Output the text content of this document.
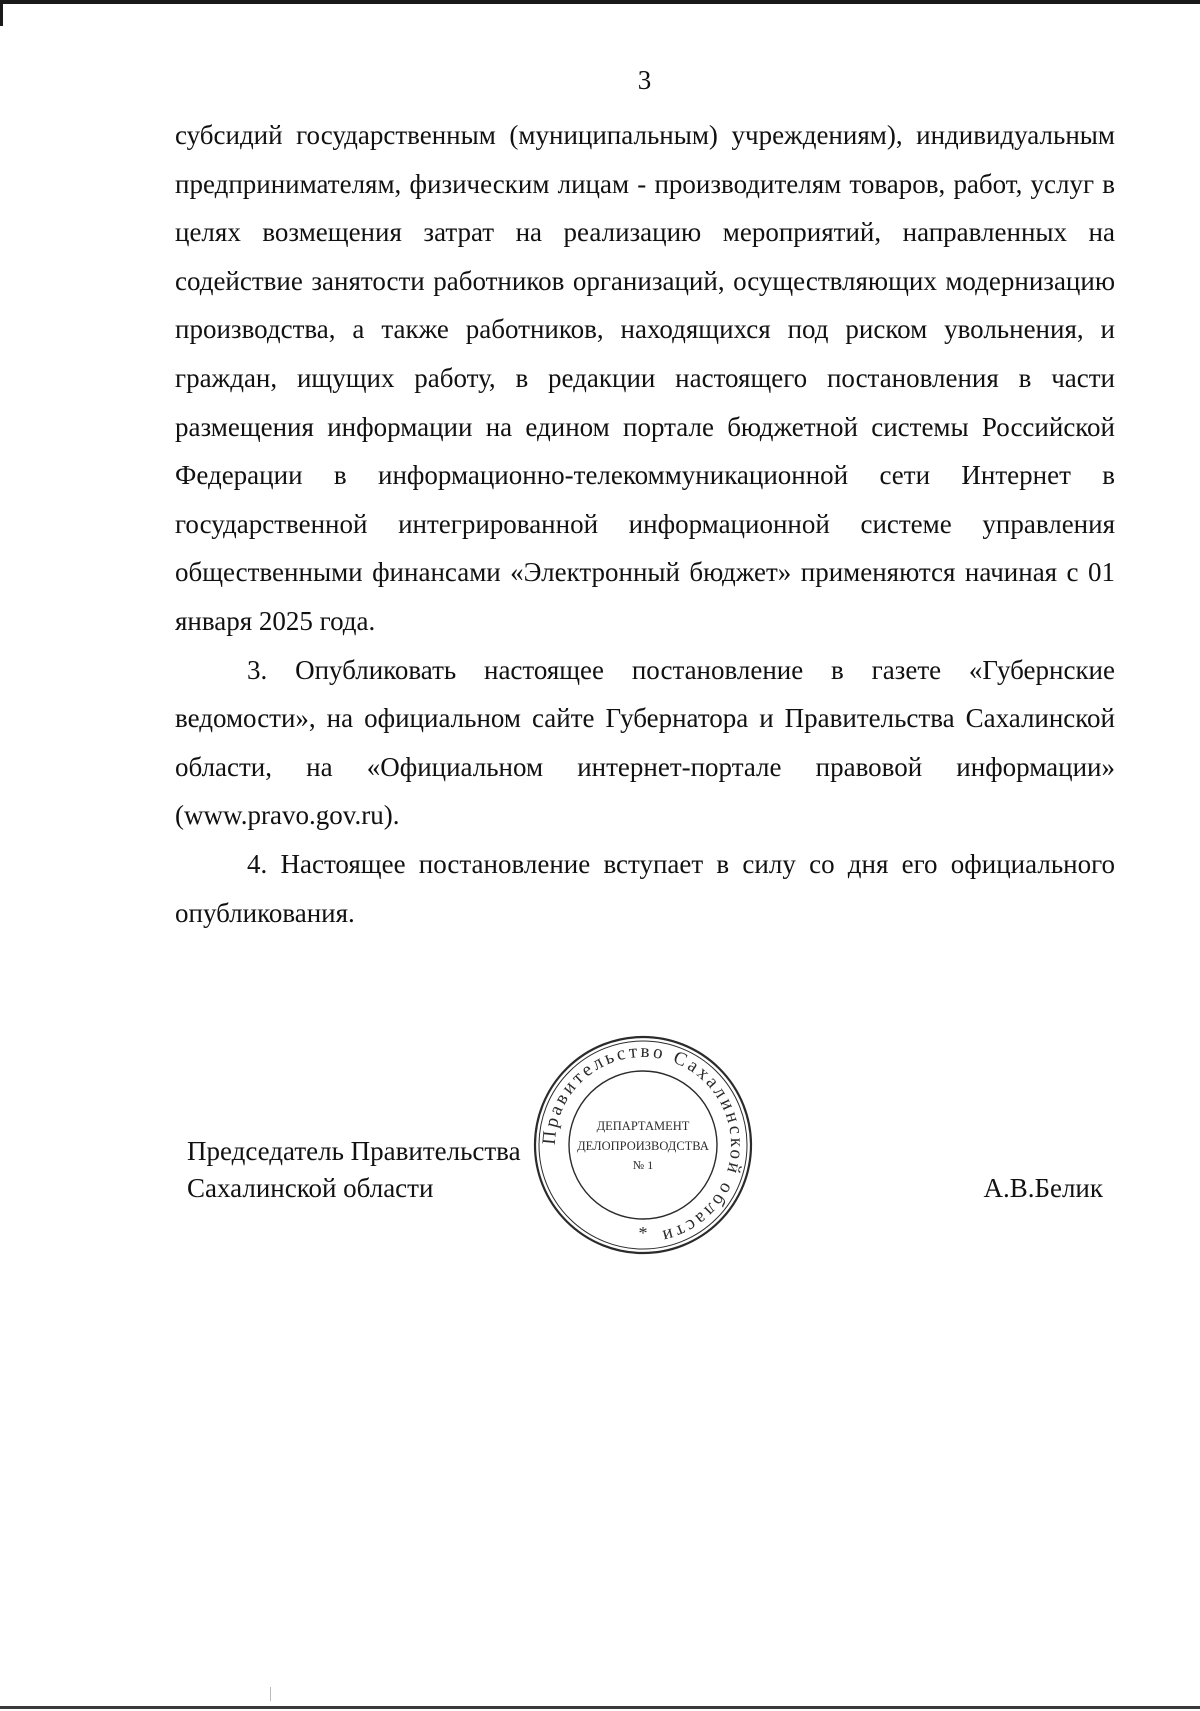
3

субсидий государственным (муниципальным) учреждениям), индивидуальным предпринимателям, физическим лицам - производителям товаров, работ, услуг в целях возмещения затрат на реализацию мероприятий, направленных на содействие занятости работников организаций, осуществляющих модернизацию производства, а также работников, находящихся под риском увольнения, и граждан, ищущих работу, в редакции настоящего постановления в части размещения информации на едином портале бюджетной системы Российской Федерации в информационно-телекоммуникационной сети Интернет в государственной интегрированной информационной системе управления общественными финансами «Электронный бюджет» применяются начиная с 01 января 2025 года.

3. Опубликовать настоящее постановление в газете «Губернские ведомости», на официальном сайте Губернатора и Правительства Сахалинской области, на «Официальном интернет-портале правовой информации» (www.pravo.gov.ru).

4. Настоящее постановление вступает в силу со дня его официального опубликования.

Председатель Правительства
Сахалинской области	А.В.Белик
Правительство Сахалинской области
ДЕПАРТАМЕНТ
ДЕЛОПРОИЗВОДСТВА
№ 1
*
